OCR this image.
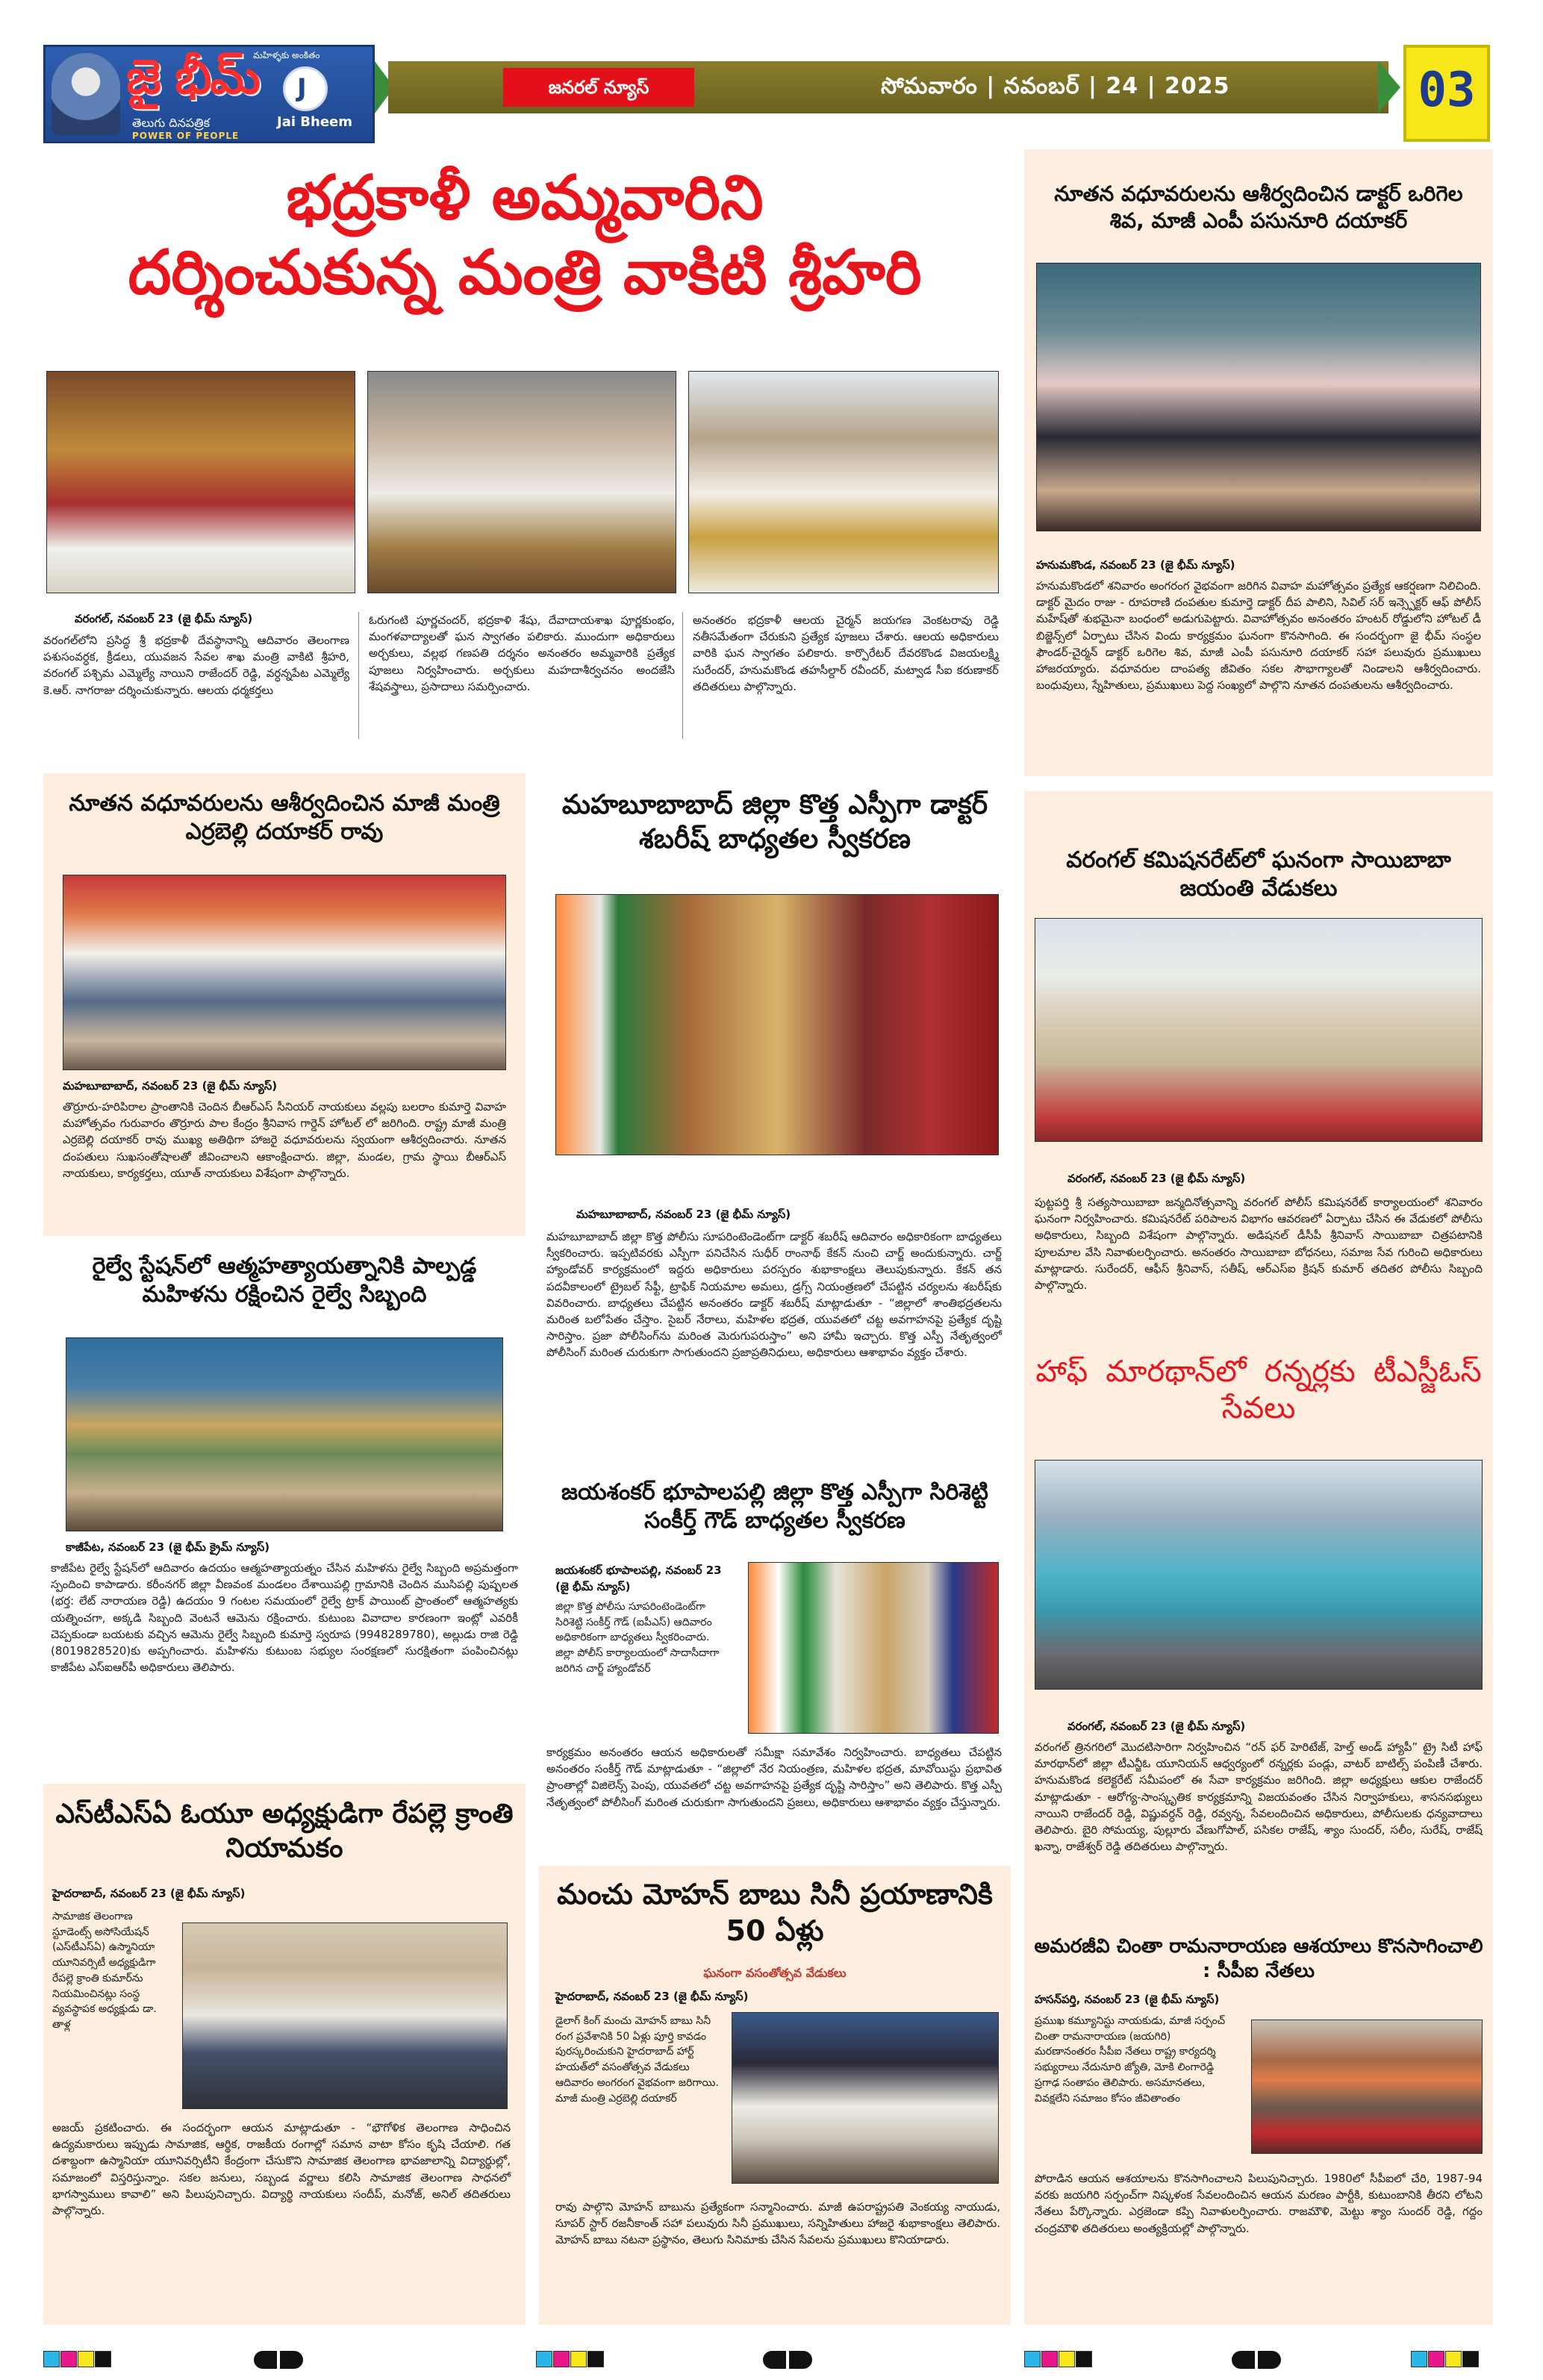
జై భీమ్
మహిళ్ళకు అంకితం
తెలుగు దినపత్రిక
POWER OF PEOPLE
J
Jai Bheem
జనరల్ న్యూస్	సోమవారం | నవంబర్ | 24 | 2025	03
భద్రకాళీ అమ్మవారిని
దర్శించుకున్న మంత్రి వాకిటి శ్రీహరి
వరంగల్, నవంబర్ 23 (జై భీమ్ న్యూస్)
వరంగల్‌లోని ప్రసిద్ధ శ్రీ భద్రకాళీ దేవస్థానాన్ని ఆదివారం తెలంగాణ పశుసంవర్ధక, క్రీడలు, యువజన సేవల శాఖ మంత్రి వాకిటి శ్రీహరి, వరంగల్ పశ్చిమ ఎమ్మెల్యే నాయిని రాజేందర్ రెడ్డి, వర్ధన్నపేట ఎమ్మెల్యే కె.ఆర్. నాగరాజు దర్శించుకున్నారు. ఆలయ ధర్మకర్తలు
ఓరుగంటి పూర్ణచందర్, భద్రకాళి శేషు, దేవాదాయశాఖ పూర్ణకుంభం, మంగళవాద్యాలతో ఘన స్వాగతం పలికారు. ముందుగా అధికారులు అర్చకులు, వల్లభ గణపతి దర్శనం అనంతరం అమ్మవారికి ప్రత్యేక పూజలు నిర్వహించారు. అర్చకులు మహదాశీర్వచనం అందజేసి శేషవస్త్రాలు, ప్రసాదాలు సమర్పించారు.
అనంతరం భద్రకాళీ ఆలయ చైర్మన్ జయగణ వెంకటరావు రెడ్డి నతీసమేతంగా చేరుకుని ప్రత్యేక పూజలు చేశారు. ఆలయ అధికారులు వారికి ఘన స్వాగతం పలికారు. కార్పొరేటర్ దేవరకొండ విజయలక్ష్మి సురేందర్, హనుమకొండ తహసీల్దార్ రవీందర్, మట్వాడ సీఐ కరుణాకర్ తదితరులు పాల్గొన్నారు.
నూతన వధూవరులను ఆశీర్వదించిన డాక్టర్ ఒరిగెల శివ, మాజీ ఎంపీ పసునూరి దయాకర్
హనుమకొండ, నవంబర్ 23 (జై భీమ్ న్యూస్)
హనుమకొండలో శనివారం అంగరంగ వైభవంగా జరిగిన వివాహ మహోత్సవం ప్రత్యేక ఆకర్షణగా నిలిచింది. డాక్టర్ మైదం రాజు - రూపరాణి దంపతుల కుమార్తె డాక్టర్ దీప పాలిని, సివిల్ సర్ ఇన్స్పెక్టర్ ఆఫ్ పోలీస్ మహేష్‌తో శుభమైనా బంధంలో అడుగుపెట్టారు. వివాహోత్సవం అనంతరం హంటర్ రోడ్డులోని హోటల్ డీ బిజ్జెన్స్‌లో ఏర్పాటు చేసిన విందు కార్యక్రమం ఘనంగా కొనసాగింది. ఈ సందర్భంగా జై భీమ్ సంస్థల ఫౌండర్-చైర్మన్ డాక్టర్ ఒరిగెల శివ, మాజీ ఎంపీ పసునూరి దయాకర్ సహా పలువురు ప్రముఖులు హాజరయ్యారు. వధూవరుల దాంపత్య జీవితం సకల సౌభాగ్యాలతో నిండాలని ఆశీర్వదించారు. బంధువులు, స్నేహితులు, ప్రముఖులు పెద్ద సంఖ్యలో పాల్గొని నూతన దంపతులను ఆశీర్వదించారు.
నూతన వధూవరులను ఆశీర్వదించిన మాజీ మంత్రి ఎర్రబెల్లి దయాకర్ రావు
మహబూబాబాద్, నవంబర్ 23 (జై భీమ్ న్యూస్)
తొర్రూరు-హరిపిరాల ప్రాంతానికి చెందిన బీఆర్ఎస్ సీనియర్ నాయకులు వల్లపు బలరాం కుమార్తె వివాహ మహోత్సవం గురువారం తొర్రూరు పాల కేంద్రం శ్రీనివాస గార్డెన్ హోటల్ లో జరిగింది. రాష్ట్ర మాజీ మంత్రి ఎర్రబెల్లి దయాకర్ రావు ముఖ్య అతిథిగా హాజరై వధూవరులను స్వయంగా ఆశీర్వదించారు. నూతన దంపతులు సుఖసంతోషాలతో జీవించాలని ఆకాంక్షించారు. జిల్లా, మండల, గ్రామ స్థాయి బీఆర్ఎస్ నాయకులు, కార్యకర్తలు, యూత్ నాయకులు విశేషంగా పాల్గొన్నారు.
రైల్వే స్టేషన్‌లో ఆత్మహత్యాయత్నానికి పాల్పడ్డ మహిళను రక్షించిన రైల్వే సిబ్బంది
కాజీపేట, నవంబర్ 23 (జై భీమ్ క్రైమ్ న్యూస్)
కాజీపేట రైల్వే స్టేషన్‌లో ఆదివారం ఉదయం ఆత్మహత్యాయత్నం చేసిన మహిళను రైల్వే సిబ్బంది అప్రమత్తంగా స్పందించి కాపాడారు. కరీంనగర్ జిల్లా వీణవంక మండలం దేశాయిపల్లి గ్రామానికి చెందిన ముసిపల్లి పుష్పలత (భర్త: లేట్ నారాయణ రెడ్డి) ఉదయం 9 గంటల సమయంలో రైల్వే ట్రాక్ పాయింట్ ప్రాంతంలో ఆత్మహత్యకు యత్నించగా, అక్కడి సిబ్బంది వెంటనే ఆమెను రక్షించారు. కుటుంబ వివాదాల కారణంగా ఇంట్లో ఎవరికీ చెప్పకుండా బయటకు వచ్చిన ఆమెను రైల్వే సిబ్బంది కుమార్తె స్వరూప (9948289780), అల్లుడు రాజి రెడ్డి (8019828520)కు అప్పగించారు. మహిళను కుటుంబ సభ్యుల సంరక్షణలో సురక్షితంగా పంపించినట్లు కాజీపేట ఎస్ఐఆర్‌పీ అధికారులు తెలిపారు.
ఎస్‌టీఎస్‌ఏ ఓయూ అధ్యక్షుడిగా రేపల్లె క్రాంతి నియామకం
హైదరాబాద్, నవంబర్ 23 (జై భీమ్ న్యూస్)
సామాజిక తెలంగాణ స్టూడెంట్స్ అసోసియేషన్ (ఎస్‌టీఎస్‌ఏ) ఉస్మానియా యూనివర్సిటీ అధ్యక్షుడిగా రేపల్లె క్రాంతి కుమార్‌ను నియమించినట్లు సంస్థ వ్యవస్థాపక అధ్యక్షుడు డా. తాళ్ల
అజయ్ ప్రకటించారు. ఈ సందర్భంగా ఆయన మాట్లాడుతూ - “భౌగోళిక తెలంగాణ సాధించిన ఉద్యమకారులు ఇప్పుడు సామాజిక, ఆర్థిక, రాజకీయ రంగాల్లో సమాన వాటా కోసం కృషి చేయాలి. గత దశాబ్దంగా ఉస్మానియా యూనివర్సిటీని కేంద్రంగా చేసుకొని సామాజిక తెలంగాణ భావజాలాన్ని విద్యార్థుల్లో, సమాజంలో విస్తరిస్తున్నాం. సకల జనులు, సబ్బండ వర్ణాలు కలిసి సామాజిక తెలంగాణ సాధనలో భాగస్వాములు కావాలి” అని పిలుపునిచ్చారు. విద్యార్థి నాయకులు సందీప్, మనోజ్, అనిల్ తదితరులు పాల్గొన్నారు.
మహబూబాబాద్ జిల్లా కొత్త ఎస్పీగా డాక్టర్ శబరీష్ బాధ్యతల స్వీకరణ
మహబూబాబాద్, నవంబర్ 23 (జై భీమ్ న్యూస్)
మహబూబాబాద్ జిల్లా కొత్త పోలీసు సూపరింటెండెంట్‌గా డాక్టర్ శబరీష్ ఆదివారం అధికారికంగా బాధ్యతలు స్వీకరించారు. ఇప్పటివరకు ఎస్పీగా పనిచేసిన సుధీర్ రాంనాథ్ కేకన్ నుంచి చార్జ్ అందుకున్నారు. చార్జ్ హ్యాండోవర్ కార్యక్రమంలో ఇద్దరు అధికారులు పరస్పరం శుభాకాంక్షలు తెలుపుకున్నారు. కేకన్ తన పదవీకాలంలో ట్రైబల్ సేఫ్టీ, ట్రాఫిక్ నియమాల అమలు, డ్రగ్స్ నియంత్రణలో చేపట్టిన చర్యలను శబరీష్‌కు వివరించారు. బాధ్యతలు చేపట్టిన అనంతరం డాక్టర్ శబరీష్ మాట్లాడుతూ - “జిల్లాలో శాంతిభద్రతలను మరింత బలోపేతం చేస్తాం. సైబర్ నేరాలు, మహిళల భద్రత, యువతలో చట్ట అవగాహనపై ప్రత్యేక దృష్టి సారిస్తాం. ప్రజా పోలీసింగ్‌ను మరింత మెరుగుపరుస్తాం” అని హామీ ఇచ్చారు. కొత్త ఎస్పీ నేతృత్వంలో పోలీసింగ్ మరింత చురుకుగా సాగుతుందని ప్రజాప్రతినిధులు, అధికారులు ఆశాభావం వ్యక్తం చేశారు.
జయశంకర్ భూపాలపల్లి జిల్లా కొత్త ఎస్పీగా సిరిశెట్టి సంకీర్త్ గౌడ్ బాధ్యతల స్వీకరణ
జయశంకర్ భూపాలపల్లి, నవంబర్ 23 (జై భీమ్ న్యూస్)
జిల్లా కొత్త పోలీసు సూపరింటెండెంట్‌గా సిరిశెట్టి సంకీర్త్ గౌడ్ (ఐపీఎస్) ఆదివారం అధికారికంగా బాధ్యతలు స్వీకరించారు. జిల్లా పోలీస్ కార్యాలయంలో సాదాసీదాగా జరిగిన చార్జ్ హ్యాండోవర్
కార్యక్రమం అనంతరం ఆయన అధికారులతో సమీక్షా సమావేశం నిర్వహించారు. బాధ్యతలు చేపట్టిన అనంతరం సంకీర్త్ గౌడ్ మాట్లాడుతూ - “జిల్లాలో నేర నియంత్రణ, మహిళల భద్రత, మావోయిస్టు ప్రభావిత ప్రాంతాల్లో విజిలెన్స్ పెంపు, యువతలో చట్ట అవగాహనపై ప్రత్యేక దృష్టి సారిస్తాం” అని తెలిపారు. కొత్త ఎస్పీ నేతృత్వంలో పోలీసింగ్ మరింత చురుకుగా సాగుతుందని ప్రజలు, అధికారులు ఆశాభావం వ్యక్తం చేస్తున్నారు.
మంచు మోహన్ బాబు సినీ ప్రయాణానికి 50 ఏళ్లు
ఘనంగా వసంతోత్సవ వేడుకలు
హైదరాబాద్, నవంబర్ 23 (జై భీమ్ న్యూస్)
డైలాగ్ కింగ్ మంచు మోహన్ బాబు సినీ రంగ ప్రవేశానికి 50 ఏళ్లు పూర్తి కావడం పురస్కరించుకుని హైదరాబాద్ హార్ట్ హయత్‌లో వసంతోత్సవ వేడుకలు ఆదివారం అంగరంగ వైభవంగా జరిగాయి. మాజీ మంత్రి ఎర్రబెల్లి దయాకర్
రావు పాల్గొని మోహన్ బాబును ప్రత్యేకంగా సన్మానించారు. మాజీ ఉపరాష్ట్రపతి వెంకయ్య నాయుడు, సూపర్ స్టార్ రజనీకాంత్ సహా పలువురు సినీ ప్రముఖులు, సన్నిహితులు హాజరై శుభాకాంక్షలు తెలిపారు. మోహన్ బాబు నటనా ప్రస్థానం, తెలుగు సినిమాకు చేసిన సేవలను ప్రముఖులు కొనియాడారు.
వరంగల్ కమిషనరేట్‌లో ఘనంగా సాయిబాబా జయంతి వేడుకలు
వరంగల్, నవంబర్ 23 (జై భీమ్ న్యూస్)
పుట్టపర్తి శ్రీ సత్యసాయిబాబా జన్మదినోత్సవాన్ని వరంగల్ పోలీస్ కమిషనరేట్ కార్యాలయంలో శనివారం ఘనంగా నిర్వహించారు. కమిషనరేట్ పరిపాలన విభాగం ఆవరణలో ఏర్పాటు చేసిన ఈ వేడుకలో పోలీసు అధికారులు, సిబ్బంది విశేషంగా పాల్గొన్నారు. అడిషనల్ డీసీపీ శ్రీనివాస్ సాయిబాబా చిత్రపటానికి పూలమాల వేసి నివాళులర్పించారు. అనంతరం సాయిబాబా బోధనలు, సమాజ సేవ గురించి అధికారులు మాట్లాడారు. సురేందర్, ఆఫీస్ శ్రీనివాస్, సతీష్, ఆర్ఎస్ఐ క్రిషన్ కుమార్ తదితర పోలీసు సిబ్బంది పాల్గొన్నారు.
హాఫ్ మారథాన్‌లో రన్నర్లకు టీఎస్జీఓస్ సేవలు
వరంగల్, నవంబర్ 23 (జై భీమ్ న్యూస్)
వరంగల్ త్రినగరిలో మొదటిసారిగా నిర్వహించిన “రన్ ఫర్ హెరిటేజ్, హెల్త్ అండ్ హ్యాపీ” ట్రై సిటీ హాఫ్ మారథాన్‌లో జిల్లా టీఎన్జీఓ యూనియన్ ఆధ్వర్యంలో రన్నర్లకు పండ్లు, వాటర్ బాటిల్స్ పంపిణీ చేశారు. హనుమకొండ కలెక్టరేట్ సమీపంలో ఈ సేవా కార్యక్రమం జరిగింది. జిల్లా అధ్యక్షులు ఆకుల రాజేందర్ మాట్లాడుతూ - ఆరోగ్య-సాంస్కృతిక కార్యక్రమాన్ని విజయవంతం చేసిన నిర్వాహకులు, శాసనసభ్యులు నాయిని రాజేందర్ రెడ్డి, విష్ణువర్ధన్ రెడ్డి, రవ్వన్న, సేవలందించిన అధికారులు, పోలీసులకు ధన్యవాదాలు తెలిపారు. బైరి సోమయ్య, పుల్లూరు వేణుగోపాల్, పసికల రాజేష్, శ్యాం సుందర్, సలీం, సురేష్, రాజేష్ ఖన్నా, రాజేశ్వర్ రెడ్డి తదితరులు పాల్గొన్నారు.
అమరజీవి చింతా రామనారాయణ ఆశయాలు కొనసాగించాలి : సీపీఐ నేతలు
హసన్‌పర్తి, నవంబర్ 23 (జై భీమ్ న్యూస్)
ప్రముఖ కమ్యూనిస్టు నాయకుడు, మాజీ సర్పంచ్ చింతా రామనారాయణ (జయగిరి) మరణానంతరం సీపీఐ నేతలు రాష్ట్ర కార్యదర్శి సభ్యురాలు నేదునూరి జ్యోతి, మోకి లింగారెడ్డి ప్రగాఢ సంతాపం తెలిపారు. అసమానతలు, వివక్షలేని సమాజం కోసం జీవితాంతం
పోరాడిన ఆయన ఆశయాలను కొనసాగించాలని పిలుపునిచ్చారు. 1980లో సీపీఐలో చేరి, 1987-94 వరకు జయగిరి సర్పంచ్‌గా నిష్కళంక సేవలందించిన ఆయన మరణం పార్టీకి, కుటుంబానికి తీరని లోటని నేతలు పేర్కొన్నారు. ఎర్రజెండా కప్పి నివాళులర్పించారు. రాజమౌళి, మెట్టు శ్యాం సుందర్ రెడ్డి, గద్దం చంద్రమౌళి తదితరులు అంత్యక్రియల్లో పాల్గొన్నారు.
